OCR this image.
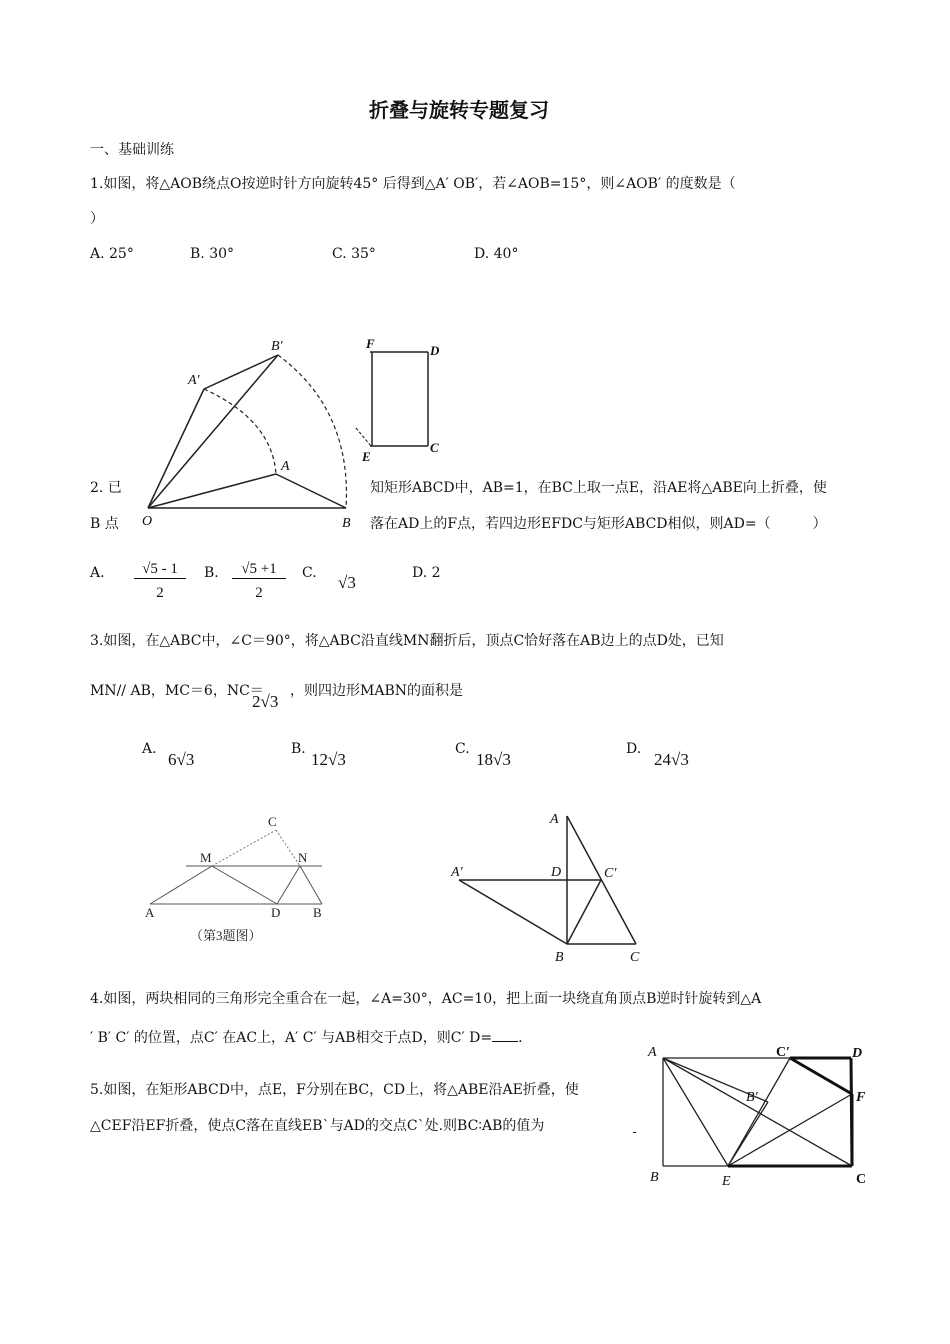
折叠与旋转专题复习
一、基础训练
1.如图，将△AOB绕点O按逆时针方向旋转45° 后得到△A′ OB′，若∠AOB=15°，则∠AOB′ 的度数是（
）
A. 25°	B. 30°	C. 35°	D. 40°
B′
A′
A
O	B
F	D
E
C
2. 已	知矩形ABCD中，AB=1，在BC上取一点E，沿AE将△ABE向上折叠，使
B 点	落在AD上的F点，若四边形EFDC与矩形ABCD相似，则AD=（　　　）
A. $\frac{√5 - 1}{2} B$. $\frac{√5 +1}{2} C$. √3	D. 2
3.如图，在△ABC中，∠C＝90°，将△ABC沿直线MN翻折后，顶点C恰好落在AB边上的点D处，已知
MN// AB，MC＝6，NC＝
2√3
，则四边形MABN的面积是
A.
6√3
B.
12√3
C.
18√3
D.
24√3
C
M	N
A	D	B
（第3题图）
A
A′	D	C′
B	C
4.如图，两块相同的三角形完全重合在一起，∠A=30°，AC=10，把上面一块绕直角顶点B逆时针旋转到△A
′ B′ C′ 的位置，点C′ 在AC上，A′ C′ 与AB相交于点D，则C′ D= .
5.如图，在矩形ABCD中，点E，F分别在BC，CD上，将△ABE沿AE折叠，使
△CEF沿EF折叠，使点C落在直线EB`与AD的交点C`处.则BC∶AB的值为
A	C′	D
B′	F
B	E	C
